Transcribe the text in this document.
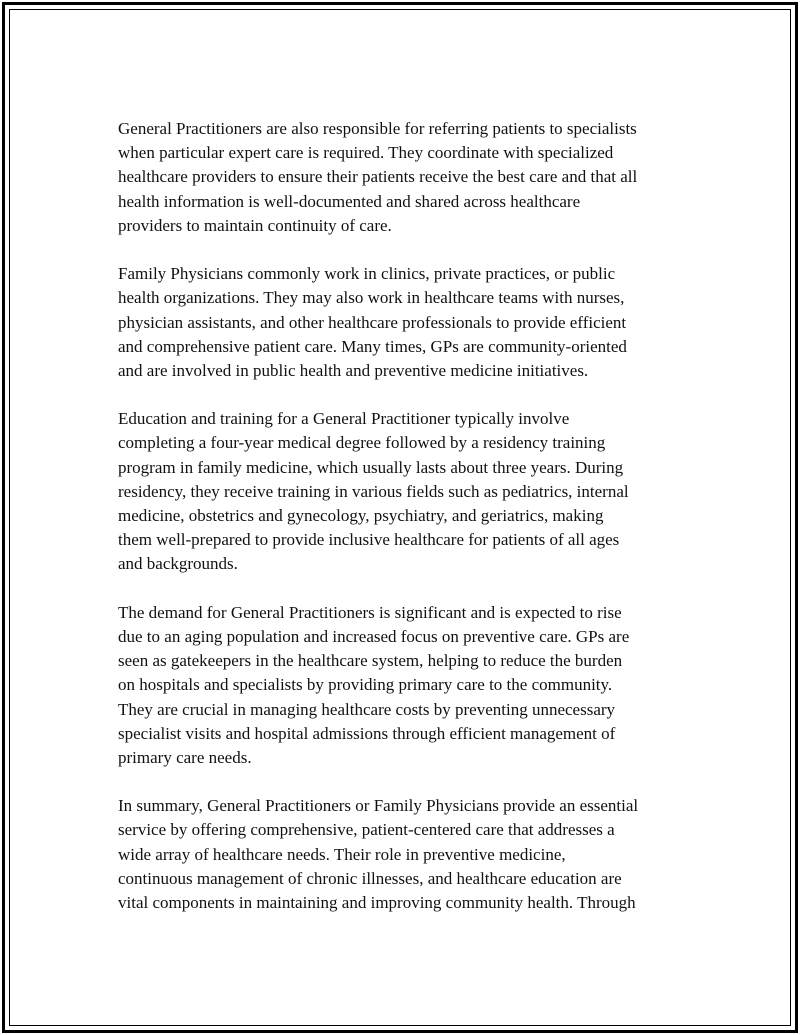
General Practitioners are also responsible for referring patients to specialists
when particular expert care is required. They coordinate with specialized
healthcare providers to ensure their patients receive the best care and that all
health information is well-documented and shared across healthcare
providers to maintain continuity of care.
Family Physicians commonly work in clinics, private practices, or public
health organizations. They may also work in healthcare teams with nurses,
physician assistants, and other healthcare professionals to provide efficient
and comprehensive patient care. Many times, GPs are community-oriented
and are involved in public health and preventive medicine initiatives.
Education and training for a General Practitioner typically involve
completing a four-year medical degree followed by a residency training
program in family medicine, which usually lasts about three years. During
residency, they receive training in various fields such as pediatrics, internal
medicine, obstetrics and gynecology, psychiatry, and geriatrics, making
them well-prepared to provide inclusive healthcare for patients of all ages
and backgrounds.
The demand for General Practitioners is significant and is expected to rise
due to an aging population and increased focus on preventive care. GPs are
seen as gatekeepers in the healthcare system, helping to reduce the burden
on hospitals and specialists by providing primary care to the community.
They are crucial in managing healthcare costs by preventing unnecessary
specialist visits and hospital admissions through efficient management of
primary care needs.
In summary, General Practitioners or Family Physicians provide an essential
service by offering comprehensive, patient-centered care that addresses a
wide array of healthcare needs. Their role in preventive medicine,
continuous management of chronic illnesses, and healthcare education are
vital components in maintaining and improving community health. Through
